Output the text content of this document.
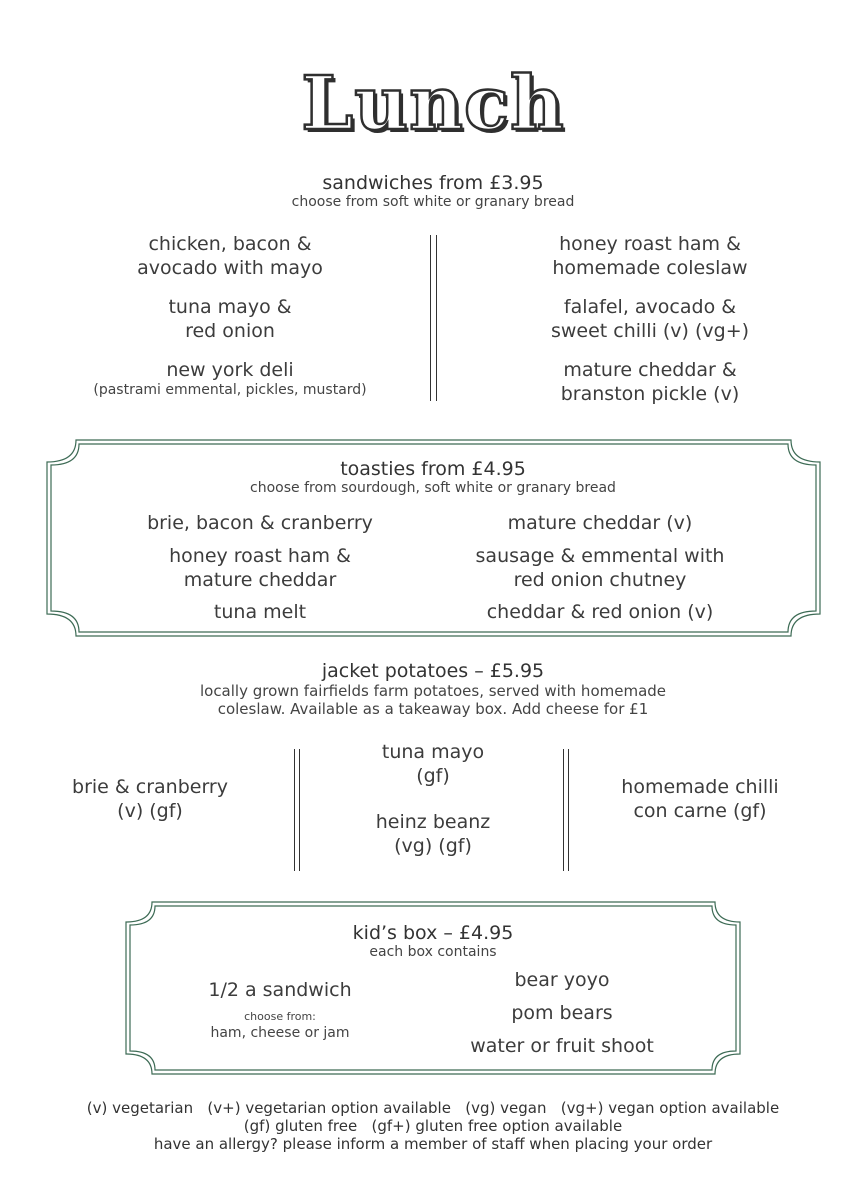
Lunch
sandwiches from £3.95
choose from soft white or granary bread
chicken, bacon &
avocado with mayo
tuna mayo &
red onion
new york deli
(pastrami emmental, pickles, mustard)
honey roast ham &
homemade coleslaw
falafel, avocado &
sweet chilli (v) (vg+)
mature cheddar &
branston pickle (v)
toasties from £4.95
choose from sourdough, soft white or granary bread
brie, bacon & cranberry
honey roast ham &
mature cheddar
tuna melt
mature cheddar (v)
sausage & emmental with
red onion chutney
cheddar & red onion (v)
jacket potatoes – £5.95
locally grown fairfields farm potatoes, served with homemade
coleslaw. Available as a takeaway box. Add cheese for £1
brie & cranberry
(v) (gf)
tuna mayo
(gf)
heinz beanz
(vg) (gf)
homemade chilli
con carne (gf)
kid’s box – £4.95
each box contains
1/2 a sandwich
choose from:
ham, cheese or jam
bear yoyo
pom bears
water or fruit shoot
(v) vegetarian   (v+) vegetarian option available   (vg) vegan   (vg+) vegan option available
(gf) gluten free   (gf+) gluten free option available
have an allergy? please inform a member of staff when placing your order
